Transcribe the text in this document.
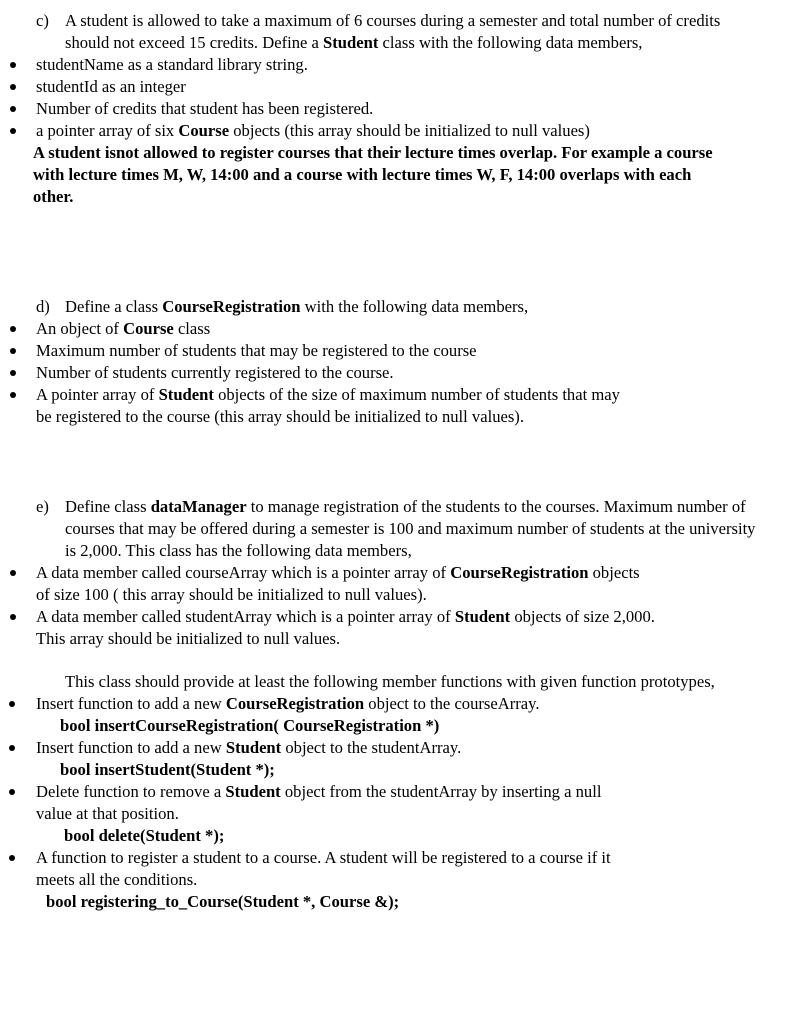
c) A student is allowed to take a maximum of 6 courses during a semester and total number of credits should not exceed 15 credits. Define a Student class with the following data members,

studentName as a standard library string.
studentId as an integer
Number of credits that student has been registered.
a pointer array of six Course objects (this array should be initialized to null values)

A student isnot allowed to register courses that their lecture times overlap. For example a course with lecture times M, W, 14:00 and a course with lecture times W, F, 14:00 overlaps with each other.

d) Define a class CourseRegistration with the following data members,

An object of Course class
Maximum number of students that may be registered to the course
Number of students currently registered to the course.
A pointer array of Student objects of the size of maximum number of students that may be registered to the course (this array should be initialized to null values).
e) Define class dataManager to manage registration of the students to the courses. Maximum number of courses that may be offered during a semester is 100 and maximum number of students at the university is 2,000. This class has the following data members,

A data member called courseArray which is a pointer array of CourseRegistration objects of size 100 ( this array should be initialized to null values).
A data member called studentArray which is a pointer array of Student objects of size 2,000. This array should be initialized to null values.

This class should provide at least the following member functions with given function prototypes,

Insert function to add a new CourseRegistration object to the courseArray.
bool insertCourseRegistration( CourseRegistration *)
Insert function to add a new Student object to the studentArray.
bool insertStudent(Student *);
Delete function to remove a Student object from the studentArray by inserting a null value at that position.
bool delete(Student *);
A function to register a student to a course. A student will be registered to a course if it meets all the conditions.
bool registering_to_Course(Student *, Course &);
